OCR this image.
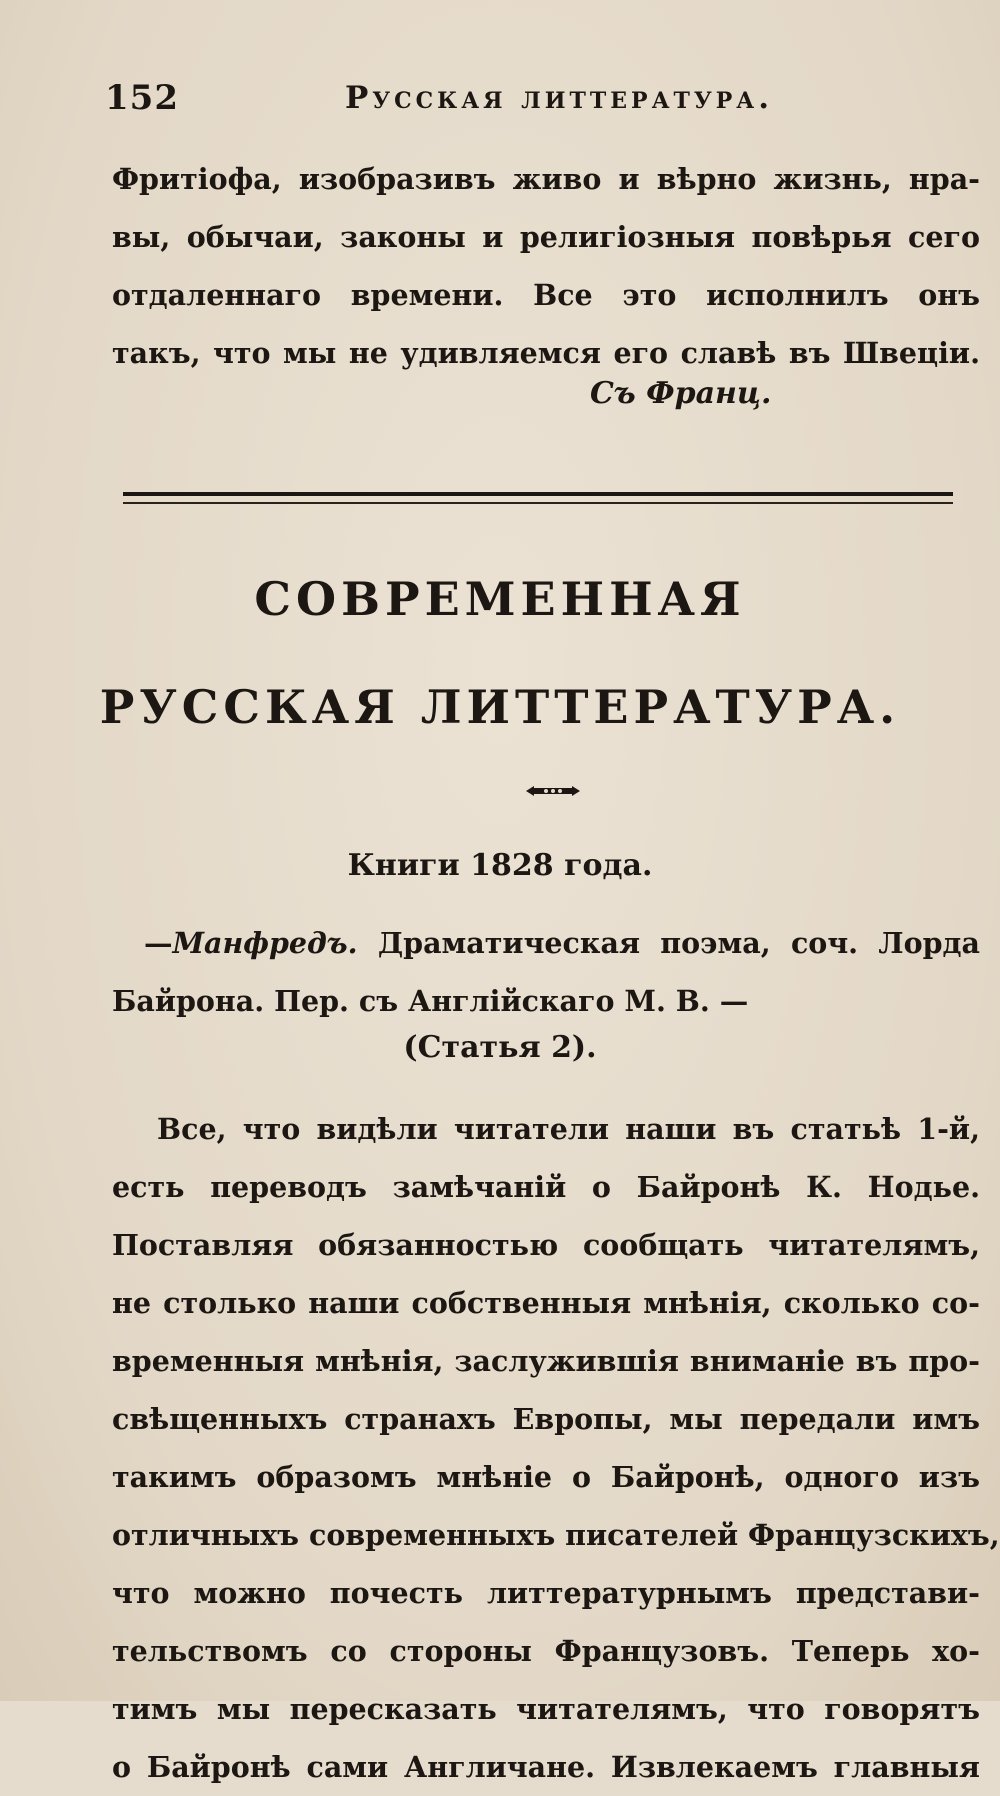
152	Русская литтература.
Фритіофа, изобразивъ живо и вѣрно жизнь, нра-
вы, обычаи, законы и религіозныя повѣрья сего
отдаленнаго времени. Все это исполнилъ онъ
такъ, что мы не удивляемся его славѣ въ Швеціи.
Съ Франц.
СОВРЕМЕННАЯ
РУССКАЯ ЛИТТЕРАТУРА.
Книги 1828 года.
—Манфредъ. Драматическая поэма, соч. Лорда
Байрона. Пер. съ Англійскаго М. В. —
(Статья 2).
Все, что видѣли читатели наши въ статьѣ 1-й,
есть переводъ замѣчаній о Байронѣ К. Нодье.
Поставляя обязанностью сообщать читателямъ,
не столько наши собственныя мнѣнія, сколько со-
временныя мнѣнія, заслужившія вниманіе въ про-
свѣщенныхъ странахъ Европы, мы передали имъ
такимъ образомъ мнѣніе о Байронѣ, одного изъ
отличныхъ современныхъ писателей Французскихъ,
что можно почесть литтературнымъ представи-
тельствомъ со стороны Французовъ. Теперь хо-
тимъ мы пересказать читателямъ, что говорятъ
о Байронѣ сами Англичане. Извлекаемъ главныя
